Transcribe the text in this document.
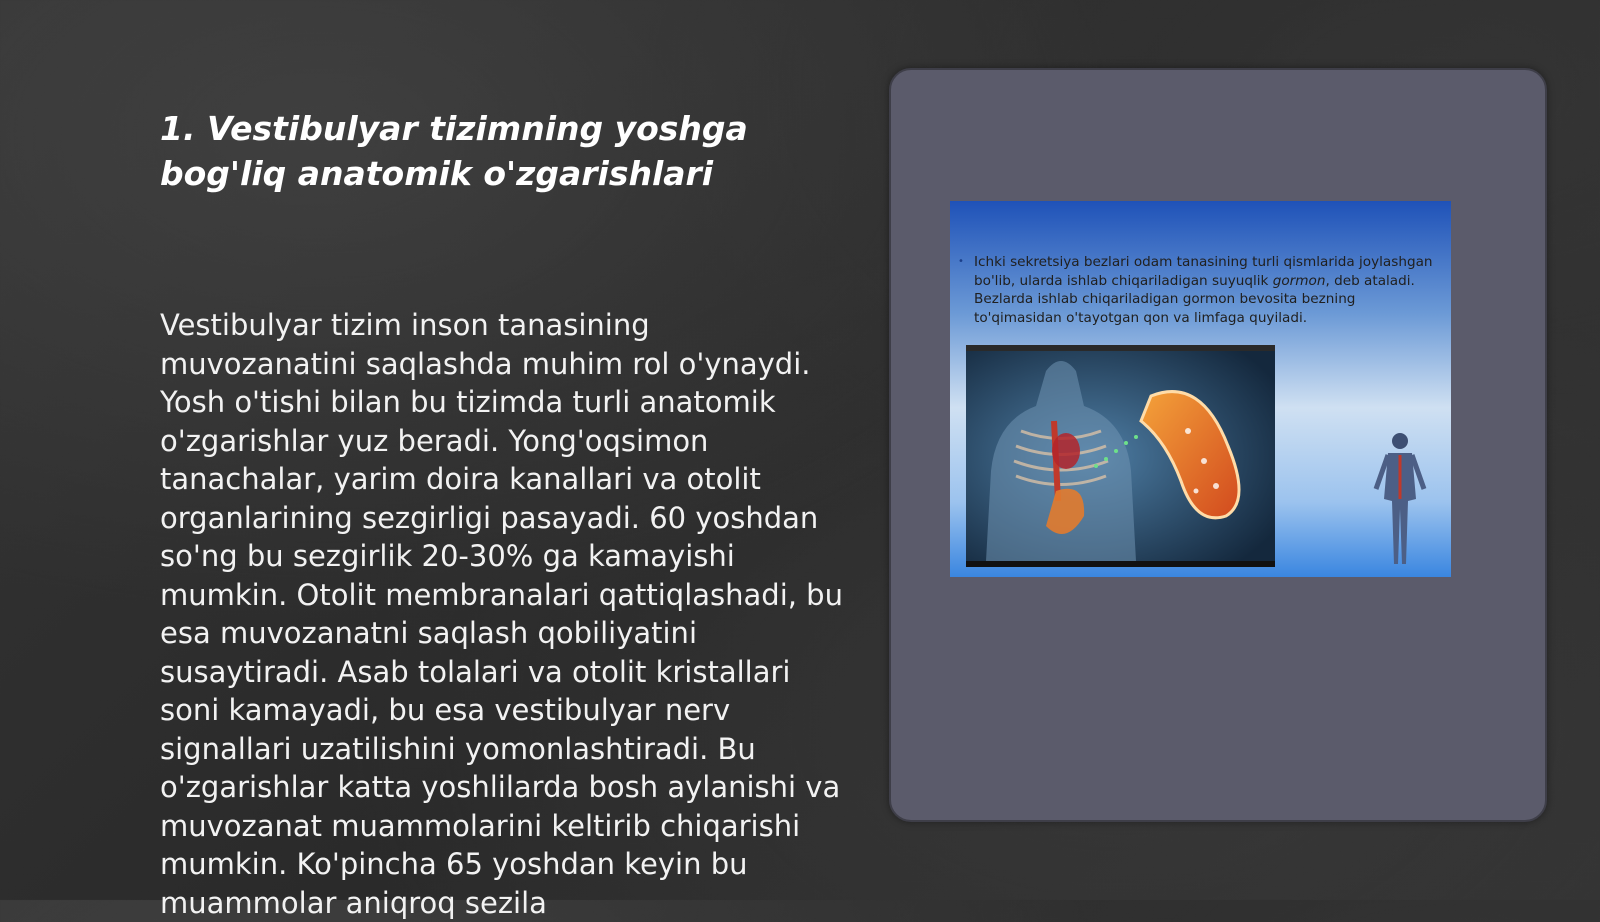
1. Vestibulyar tizimning yoshga bog'liq anatomik o'zgarishlari

Vestibulyar tizim inson tanasining muvozanatini saqlashda muhim rol o'ynaydi. Yosh o'tishi bilan bu tizimda turli anatomik o'zgarishlar yuz beradi. Yong'oqsimon tanachalar, yarim doira kanallari va otolit organlarining sezgirligi pasayadi. 60 yoshdan so'ng bu sezgirlik 20-30% ga kamayishi mumkin. Otolit membranalari qattiqlashadi, bu esa muvozanatni saqlash qobiliyatini susaytiradi. Asab tolalari va otolit kristallari soni kamayadi, bu esa vestibulyar nerv signallari uzatilishini yomonlashtiradi. Bu o'zgarishlar katta yoshlilarda bosh aylanishi va muvozanat muammolarini keltirib chiqarishi mumkin. Ko'pincha 65 yoshdan keyin bu muammolar aniqroq sezila

• Ichki sekretsiya bezlari odam tanasining turli qismlarida joylashgan bo'lib, ularda ishlab chiqariladigan suyuqlik gormon, deb ataladi. Bezlarda ishlab chiqariladigan gormon bevosita bezning to'qimasidan o'tayotgan qon va limfaga quyiladi.
